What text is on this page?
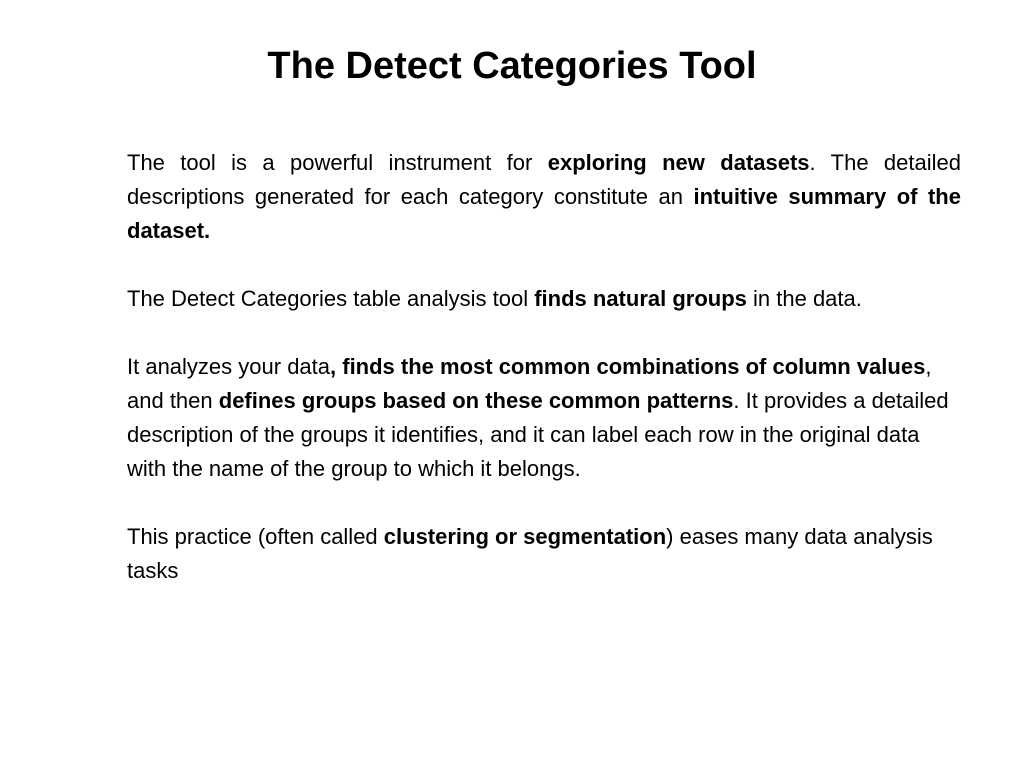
The Detect Categories Tool

The tool is a powerful instrument for exploring new datasets. The detailed descriptions generated for each category constitute an intuitive summary of the dataset.

The Detect Categories table analysis tool finds natural groups in the data.

It analyzes your data, finds the most common combinations of column values, and then defines groups based on these common patterns. It provides a detailed description of the groups it identifies, and it can label each row in the original data with the name of the group to which it belongs.

This practice (often called clustering or segmentation) eases many data analysis tasks
